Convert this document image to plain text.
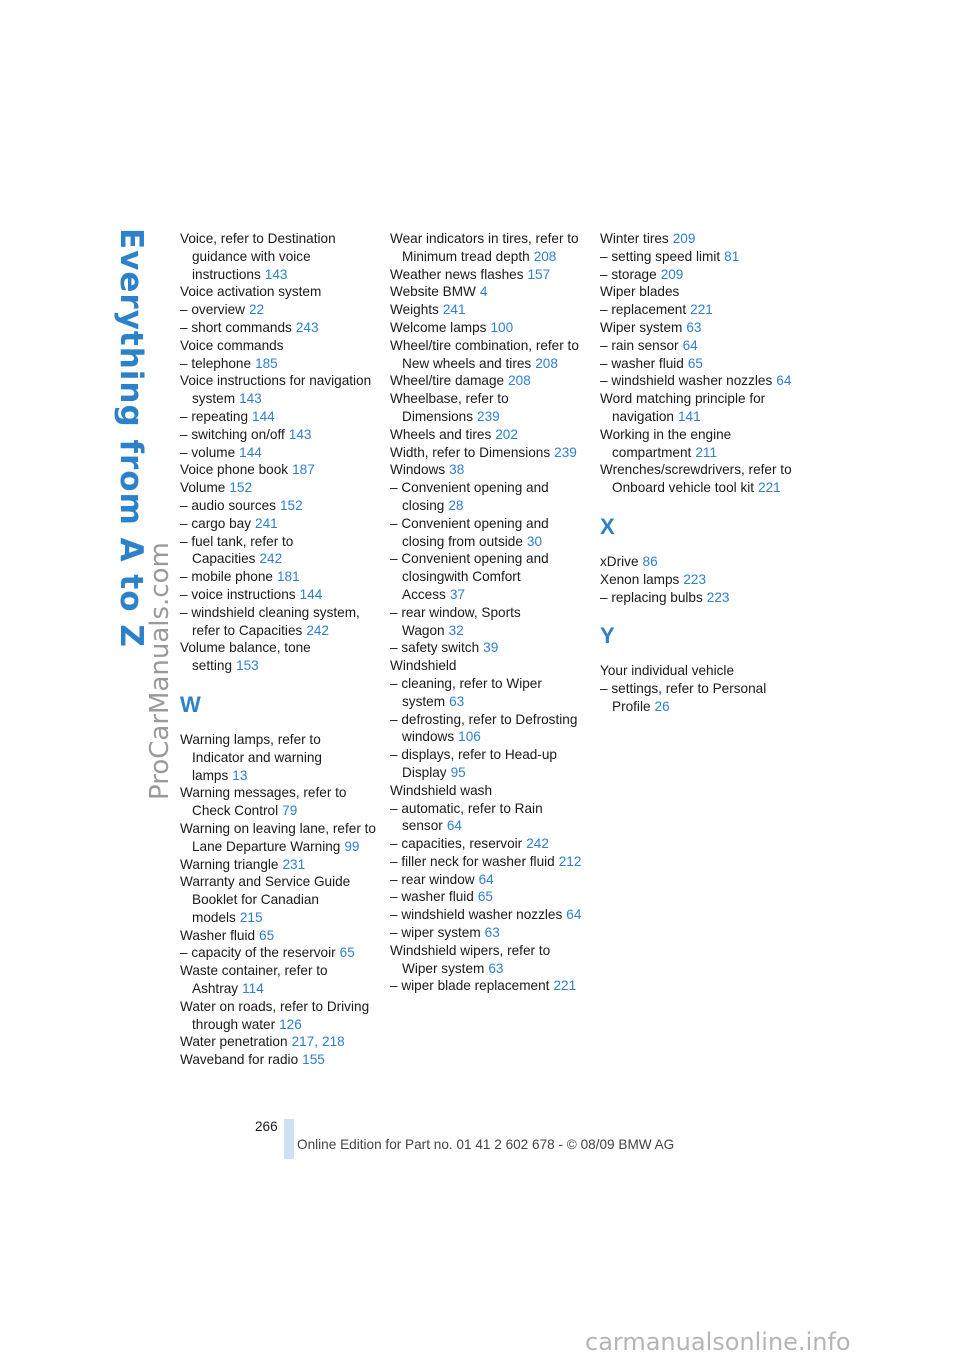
Everything from A to Z
ProCarManuals.com
Voice, refer to Destination guidance with voice instructions 143
Voice activation system
– overview 22
– short commands 243
Voice commands
– telephone 185
Voice instructions for navigation system 143
– repeating 144
– switching on/off 143
– volume 144
Voice phone book 187
Volume 152
– audio sources 152
– cargo bay 241
– fuel tank, refer to Capacities 242
– mobile phone 181
– voice instructions 144
– windshield cleaning system, refer to Capacities 242
Volume balance, tone setting 153
W
Warning lamps, refer to Indicator and warning lamps 13
Warning messages, refer to Check Control 79
Warning on leaving lane, refer to Lane Departure Warning 99
Warning triangle 231
Warranty and Service Guide Booklet for Canadian models 215
Washer fluid 65
– capacity of the reservoir 65
Waste container, refer to Ashtray 114
Water on roads, refer to Driving through water 126
Water penetration 217, 218
Waveband for radio 155
Wear indicators in tires, refer to Minimum tread depth 208
Weather news flashes 157
Website BMW 4
Weights 241
Welcome lamps 100
Wheel/tire combination, refer to New wheels and tires 208
Wheel/tire damage 208
Wheelbase, refer to Dimensions 239
Wheels and tires 202
Width, refer to Dimensions 239
Windows 38
– Convenient opening and closing 28
– Convenient opening and closing from outside 30
– Convenient opening and closingwith Comfort Access 37
– rear window, Sports Wagon 32
– safety switch 39
Windshield
– cleaning, refer to Wiper system 63
– defrosting, refer to Defrosting windows 106
– displays, refer to Head-up Display 95
Windshield wash
– automatic, refer to Rain sensor 64
– capacities, reservoir 242
– filler neck for washer fluid 212
– rear window 64
– washer fluid 65
– windshield washer nozzles 64
– wiper system 63
Windshield wipers, refer to Wiper system 63
– wiper blade replacement 221
Winter tires 209
– setting speed limit 81
– storage 209
Wiper blades
– replacement 221
Wiper system 63
– rain sensor 64
– washer fluid 65
– windshield washer nozzles 64
Word matching principle for navigation 141
Working in the engine compartment 211
Wrenches/screwdrivers, refer to Onboard vehicle tool kit 221
X
xDrive 86
Xenon lamps 223
– replacing bulbs 223
Y
Your individual vehicle
– settings, refer to Personal Profile 26
266
Online Edition for Part no. 01 41 2 602 678 - © 08/09 BMW AG
carmanualsonline.info
